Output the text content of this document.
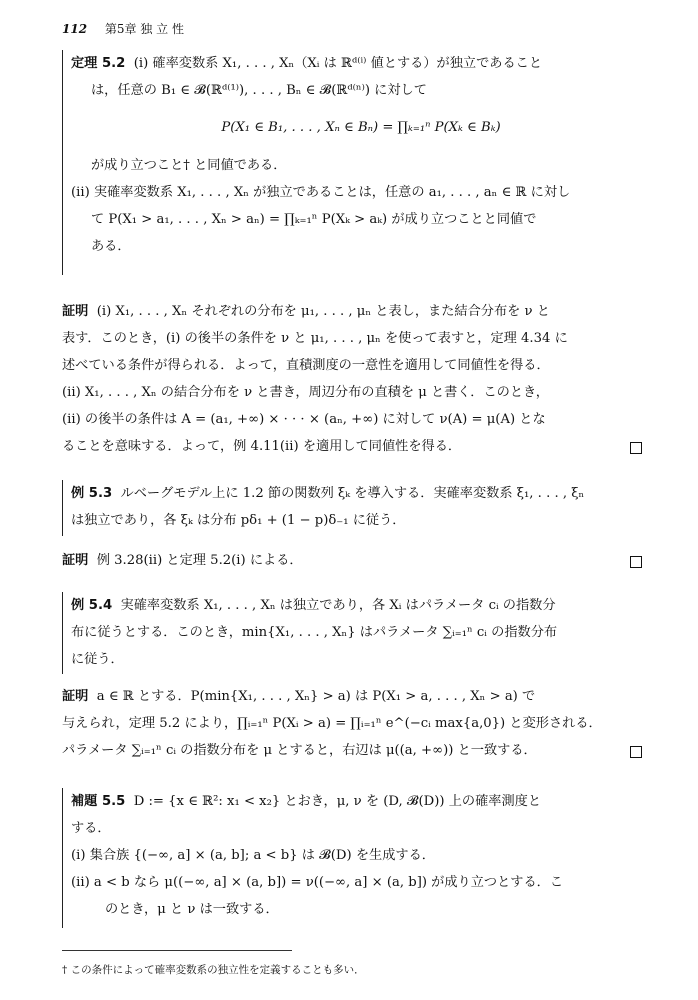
112 第5章 独 立 性
定理 5.2 (i) 確率変数系 X₁, . . . , Xₙ（Xᵢ は ℝᵈ⁽ⁱ⁾ 値とする）が独立であること
は，任意の B₁ ∈ 𝓑(ℝᵈ⁽¹⁾), . . . , Bₙ ∈ 𝓑(ℝᵈ⁽ⁿ⁾) に対して
P(X₁ ∈ B₁, . . . , Xₙ ∈ Bₙ) = ∏ₖ₌₁ⁿ P(Xₖ ∈ Bₖ)
が成り立つこと† と同値である．
(ii) 実確率変数系 X₁, . . . , Xₙ が独立であることは，任意の a₁, . . . , aₙ ∈ ℝ に対し
て P(X₁ > a₁, . . . , Xₙ > aₙ) = ∏ₖ₌₁ⁿ P(Xₖ > aₖ) が成り立つことと同値で
ある．
証明 (i) X₁, . . . , Xₙ それぞれの分布を μ₁, . . . , μₙ と表し，また結合分布を ν と
表す．このとき，(i) の後半の条件を ν と μ₁, . . . , μₙ を使って表すと，定理 4.34 に
述べている条件が得られる．よって，直積測度の一意性を適用して同値性を得る．
(ii) X₁, . . . , Xₙ の結合分布を ν と書き，周辺分布の直積を μ と書く．このとき，
(ii) の後半の条件は A = (a₁, +∞) × · · · × (aₙ, +∞) に対して ν(A) = μ(A) とな
ることを意味する．よって，例 4.11(ii) を適用して同値性を得る．
例 5.3 ルベーグモデル上に 1.2 節の関数列 ξₖ を導入する．実確率変数系 ξ₁, . . . , ξₙ
は独立であり，各 ξₖ は分布 pδ₁ + (1 − p)δ₋₁ に従う．
証明 例 3.28(ii) と定理 5.2(i) による．
例 5.4 実確率変数系 X₁, . . . , Xₙ は独立であり，各 Xᵢ はパラメータ cᵢ の指数分
布に従うとする．このとき，min{X₁, . . . , Xₙ} はパラメータ ∑ᵢ₌₁ⁿ cᵢ の指数分布
に従う．
証明 a ∈ ℝ とする．P(min{X₁, . . . , Xₙ} > a) は P(X₁ > a, . . . , Xₙ > a) で
与えられ，定理 5.2 により，∏ᵢ₌₁ⁿ P(Xᵢ > a) = ∏ᵢ₌₁ⁿ e^(−cᵢ max{a,0}) と変形される．
パラメータ ∑ᵢ₌₁ⁿ cᵢ の指数分布を μ とすると，右辺は μ((a, +∞)) と一致する．
補題 5.5 D := {x ∈ ℝ²: x₁ < x₂} とおき，μ, ν を (D, 𝓑(D)) 上の確率測度と
する．
(i) 集合族 {(−∞, a] × (a, b]; a < b} は 𝓑(D) を生成する．
(ii) a < b なら μ((−∞, a] × (a, b]) = ν((−∞, a] × (a, b]) が成り立つとする．こ
のとき，μ と ν は一致する．
† この条件によって確率変数系の独立性を定義することも多い．
